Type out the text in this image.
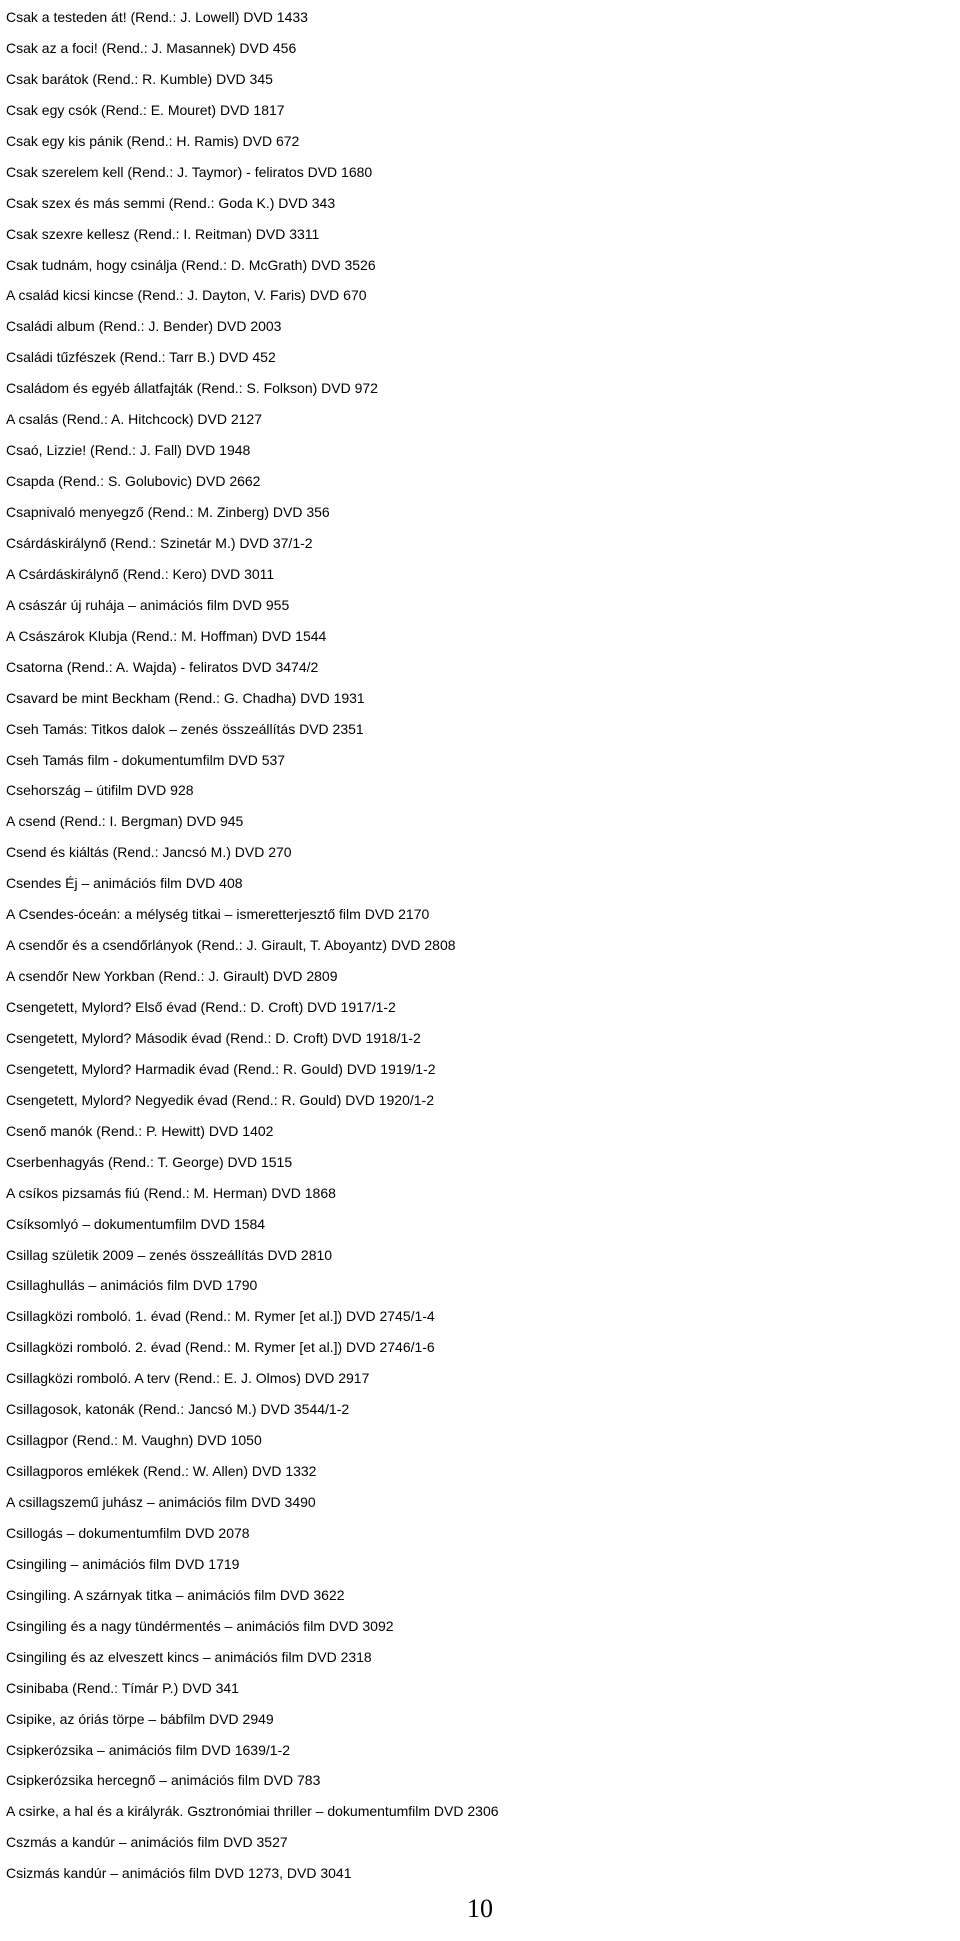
Csak a testeden át! (Rend.: J. Lowell) DVD 1433
Csak az a foci! (Rend.: J. Masannek) DVD 456
Csak barátok (Rend.: R. Kumble) DVD 345
Csak egy csók (Rend.: E. Mouret) DVD 1817
Csak egy kis pánik (Rend.: H. Ramis) DVD 672
Csak szerelem kell (Rend.: J. Taymor) - feliratos DVD 1680
Csak szex és más semmi (Rend.: Goda K.) DVD 343
Csak szexre kellesz (Rend.: I. Reitman) DVD 3311
Csak tudnám, hogy csinálja (Rend.: D. McGrath) DVD 3526
A család kicsi kincse (Rend.: J. Dayton, V. Faris) DVD 670
Családi album (Rend.: J. Bender) DVD 2003
Családi tűzfészek (Rend.: Tarr B.) DVD 452
Családom és egyéb állatfajták (Rend.: S. Folkson) DVD 972
A csalás (Rend.: A. Hitchcock) DVD 2127
Csaó, Lizzie! (Rend.: J. Fall) DVD 1948
Csapda (Rend.: S. Golubovic) DVD 2662
Csapnivaló menyegző (Rend.: M. Zinberg) DVD 356
Csárdáskirálynő (Rend.: Szinetár M.) DVD 37/1-2
A Csárdáskirálynő (Rend.: Kero) DVD 3011
A császár új ruhája – animációs film DVD 955
A Császárok Klubja (Rend.: M. Hoffman) DVD 1544
Csatorna (Rend.: A. Wajda) - feliratos DVD 3474/2
Csavard be mint Beckham (Rend.: G. Chadha) DVD 1931
Cseh Tamás: Titkos dalok – zenés összeállítás DVD 2351
Cseh Tamás film - dokumentumfilm DVD 537
Csehország – útifilm DVD 928
A csend (Rend.: I. Bergman) DVD 945
Csend és kiáltás (Rend.: Jancsó M.) DVD 270
Csendes Éj – animációs film DVD 408
A Csendes-óceán: a mélység titkai – ismeretterjesztő film DVD 2170
A csendőr és a csendőrlányok (Rend.: J. Girault, T. Aboyantz) DVD 2808
A csendőr New Yorkban (Rend.: J. Girault) DVD 2809
Csengetett, Mylord? Első évad (Rend.: D. Croft) DVD 1917/1-2
Csengetett, Mylord? Második évad (Rend.: D. Croft) DVD 1918/1-2
Csengetett, Mylord? Harmadik évad (Rend.: R. Gould) DVD 1919/1-2
Csengetett, Mylord? Negyedik évad (Rend.: R. Gould) DVD 1920/1-2
Csenő manók (Rend.: P. Hewitt) DVD 1402
Cserbenhagyás (Rend.: T. George) DVD 1515
A csíkos pizsamás fiú (Rend.: M. Herman) DVD 1868
Csíksomlyó – dokumentumfilm DVD 1584
Csillag születik 2009 – zenés összeállítás DVD 2810
Csillaghullás – animációs film DVD 1790
Csillagközi romboló. 1. évad (Rend.: M. Rymer [et al.]) DVD 2745/1-4
Csillagközi romboló. 2. évad (Rend.: M. Rymer [et al.]) DVD 2746/1-6
Csillagközi romboló. A terv (Rend.: E. J. Olmos) DVD 2917
Csillagosok, katonák (Rend.: Jancsó M.) DVD 3544/1-2
Csillagpor (Rend.: M. Vaughn) DVD 1050
Csillagporos emlékek (Rend.: W. Allen) DVD 1332
A csillagszemű juhász – animációs film DVD 3490
Csillogás – dokumentumfilm DVD 2078
Csingiling – animációs film DVD 1719
Csingiling. A szárnyak titka – animációs film DVD 3622
Csingiling és a nagy tündérmentés – animációs film DVD 3092
Csingiling és az elveszett kincs – animációs film DVD 2318
Csinibaba (Rend.: Tímár P.) DVD 341
Csipike, az óriás törpe – bábfilm DVD 2949
Csipkerózsika – animációs film DVD 1639/1-2
Csipkerózsika hercegnő – animációs film DVD 783
A csirke, a hal és a királyrák. Gsztronómiai thriller – dokumentumfilm DVD 2306
Cszmás a kandúr – animációs film DVD 3527
Csizmás kandúr – animációs film DVD 1273, DVD 3041
10
